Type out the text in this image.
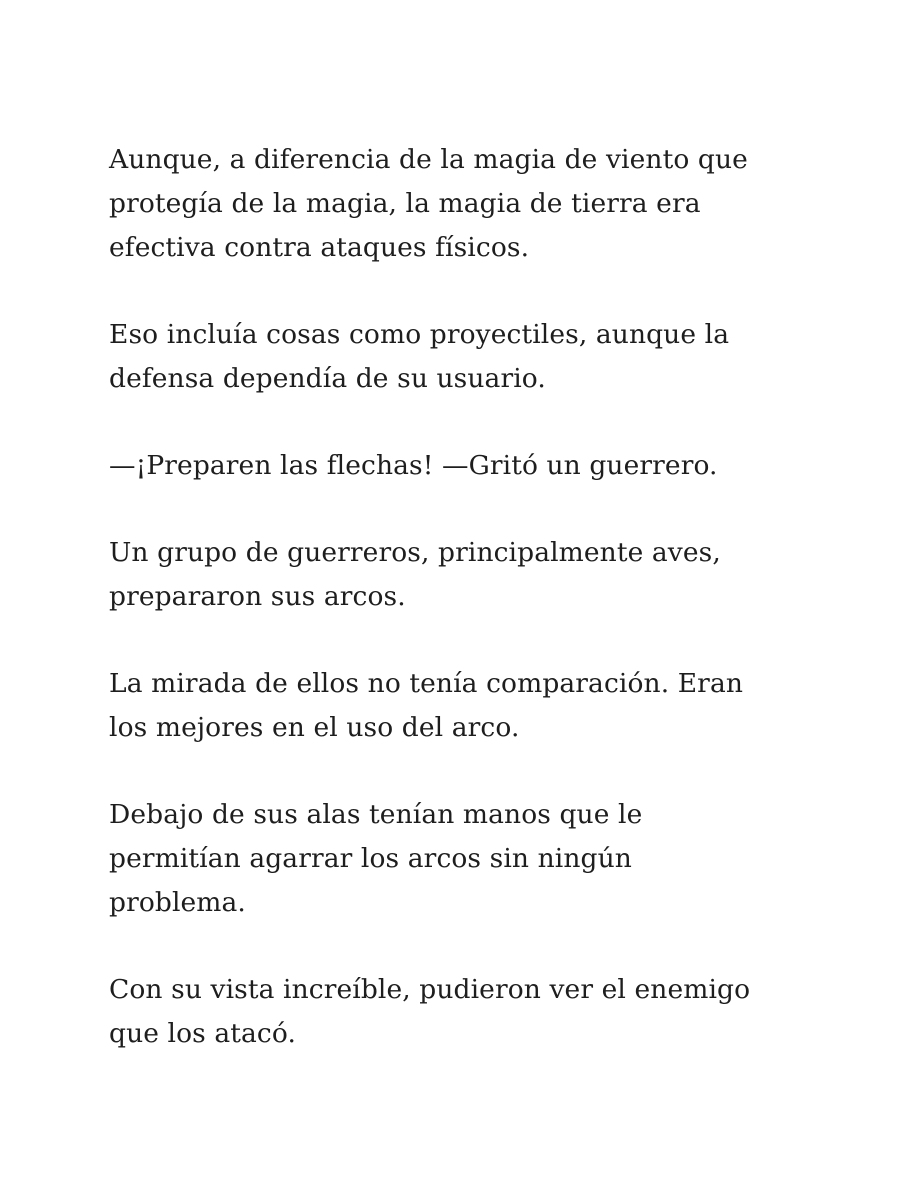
Aunque, a diferencia de la magia de viento que
protegía de la magia, la magia de tierra era
efectiva contra ataques físicos.

Eso incluía cosas como proyectiles, aunque la
defensa dependía de su usuario.

—¡Preparen las flechas! —Gritó un guerrero.

Un grupo de guerreros, principalmente aves,
prepararon sus arcos.

La mirada de ellos no tenía comparación. Eran
los mejores en el uso del arco.

Debajo de sus alas tenían manos que le
permitían agarrar los arcos sin ningún
problema.

Con su vista increíble, pudieron ver el enemigo
que los atacó.
